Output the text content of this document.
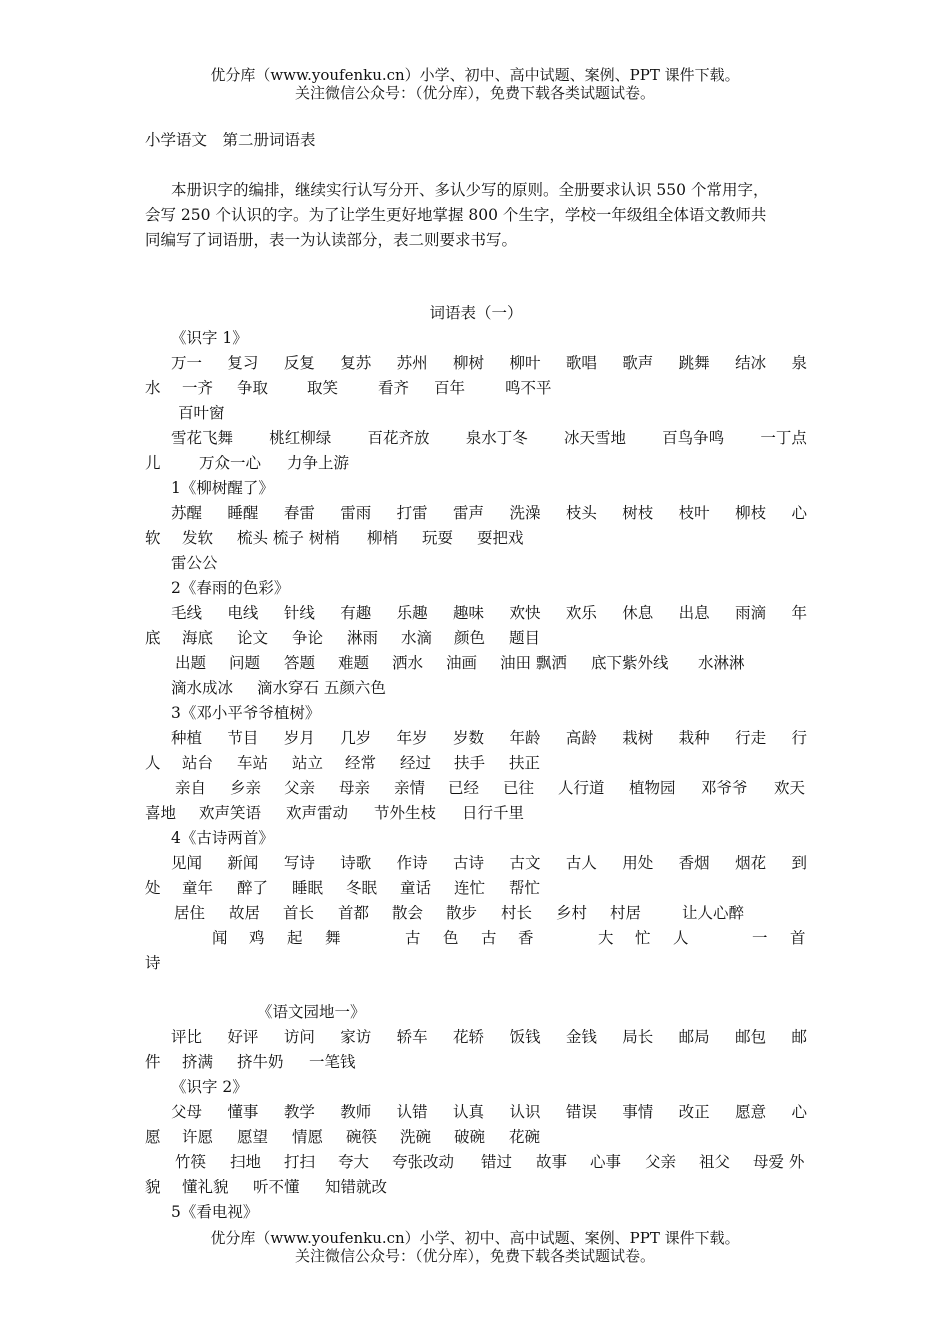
优分库（www.youfenku.cn）小学、初中、高中试题、案例、PPT 课件下载。
关注微信公众号：（优分库），免费下载各类试题试卷。
小学语文　第二册词语表
本册识字的编排，继续实行认写分开、多认少写的原则。全册要求认识 550 个常用字，
会写 250 个认识的字。为了让学生更好地掌握 800 个生字，学校一年级组全体语文教师共
同编写了词语册，表一为认读部分，表二则要求书写。
词语表（一）
《识字 1》
万一 复习 反复 复苏 苏州 柳树 柳叶 歌唱 歌声 跳舞 结冰 泉
水 一齐 争取	取笑	看齐 百年	鸣不平
百叶窗
雪花飞舞 桃红柳绿 百花齐放 泉水丁冬 冰天雪地 百鸟争鸣 一丁点
儿 万众一心 力争上游
1《柳树醒了》
苏醒 睡醒 春雷 雷雨 打雷 雷声 洗澡 枝头 树枝 枝叶 柳枝 心
软 发软 梳头 梳子 树梢 柳梢 玩耍 耍把戏
雷公公
2《春雨的色彩》
毛线 电线 针线 有趣 乐趣 趣味 欢快 欢乐 休息 出息 雨滴 年
底 海底 论文 争论 淋雨 水滴 颜色 题目
出题 问题 答题 难题 洒水 油画 油田 飘洒 底下紫外线 水淋淋
滴水成冰 滴水穿石 五颜六色
3《邓小平爷爷植树》
种植 节目 岁月 几岁 年岁 岁数 年龄 高龄 栽树 栽种 行走 行
人 站台 车站 站立 经常 经过 扶手 扶正
亲自 乡亲 父亲 母亲 亲情 已经 已往 人行道 植物园 邓爷爷 欢天
喜地 欢声笑语 欢声雷动 节外生枝 日行千里
4《古诗两首》
见闻 新闻 写诗 诗歌 作诗 古诗 古文 古人 用处 香烟 烟花 到
处 童年 醉了 睡眠 冬眠 童话 连忙 帮忙
居住 故居 首长 首都 散会 散步 村长 乡村 村居	让人心醉
闻 鸡 起 舞	古 色 古 香	大 忙 人	一 首
诗
《语文园地一》
评比 好评 访问 家访 轿车 花轿 饭钱 金钱 局长 邮局 邮包 邮
件 挤满 挤牛奶 一笔钱
《识字 2》
父母 懂事 教学 教师 认错 认真 认识 错误 事情 改正 愿意 心
愿 许愿 愿望 情愿 碗筷 洗碗 破碗 花碗
竹筷 扫地 打扫 夸大 夸张改动 错过 故事 心事 父亲 祖父 母爱 外
貌 懂礼貌 听不懂 知错就改
5《看电视》
优分库（www.youfenku.cn）小学、初中、高中试题、案例、PPT 课件下载。
关注微信公众号：（优分库），免费下载各类试题试卷。
